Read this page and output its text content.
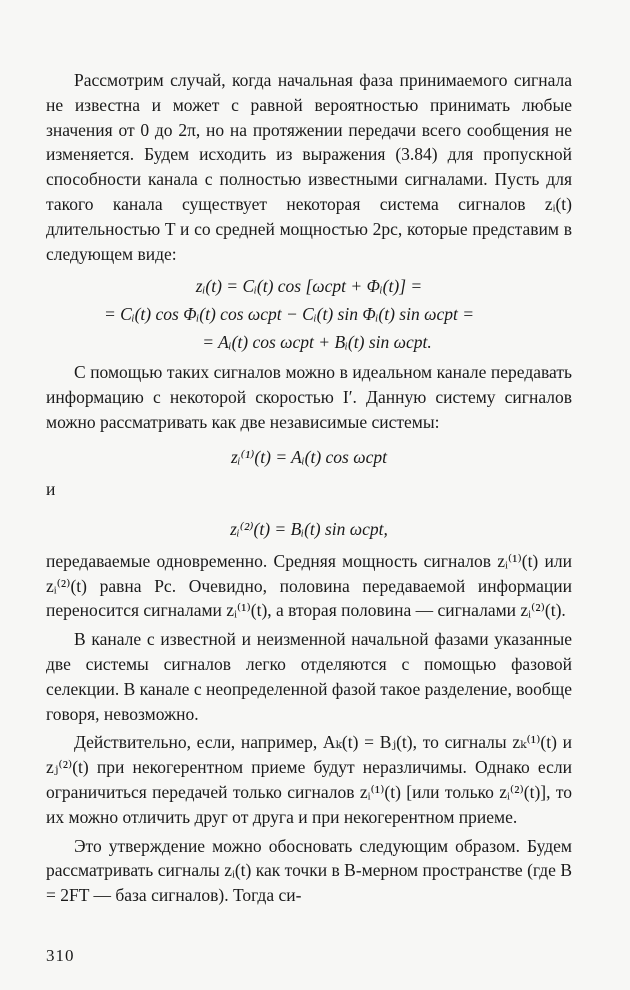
Рассмотрим случай, когда начальная фаза принимаемого сигнала не известна и может с равной вероятностью принимать любые значения от 0 до 2π, но на протяжении передачи всего сообщения не изменяется. Будем исходить из выражения (3.84) для пропускной способности канала с полностью известными сигналами. Пусть для такого канала существует некоторая система сигналов zᵢ(t) длительностью T и со средней мощностью 2pс, которые представим в следующем виде:

zᵢ(t) = Cᵢ(t) cos [ωсрt + Φᵢ(t)] =
= Cᵢ(t) cos Φᵢ(t) cos ωсрt − Cᵢ(t) sin Φᵢ(t) sin ωсрt =
= Aᵢ(t) cos ωсрt + Bᵢ(t) sin ωсрt.

С помощью таких сигналов можно в идеальном канале передавать информацию с некоторой скоростью I′. Данную систему сигналов можно рассматривать как две независимые системы:

zᵢ⁽¹⁾(t) = Aᵢ(t) cos ωсрt
и
zᵢ⁽²⁾(t) = Bᵢ(t) sin ωсрt,

передаваемые одновременно. Средняя мощность сигналов zᵢ⁽¹⁾(t) или zᵢ⁽²⁾(t) равна Pс. Очевидно, половина передаваемой информации переносится сигналами zᵢ⁽¹⁾(t), а вторая половина — сигналами zᵢ⁽²⁾(t).

В канале с известной и неизменной начальной фазами указанные две системы сигналов легко отделяются с помощью фазовой селекции. В канале с неопределенной фазой такое разделение, вообще говоря, невозможно.

Действительно, если, например, Aₖ(t) = Bⱼ(t), то сигналы zₖ⁽¹⁾(t) и zⱼ⁽²⁾(t) при некогерентном приеме будут неразличимы. Однако если ограничиться передачей только сигналов zᵢ⁽¹⁾(t) [или только zᵢ⁽²⁾(t)], то их можно отличить друг от друга и при некогерентном приеме.

Это утверждение можно обосновать следующим образом. Будем рассматривать сигналы zᵢ(t) как точки в B-мерном пространстве (где B = 2FT — база сигналов). Тогда си-

310
